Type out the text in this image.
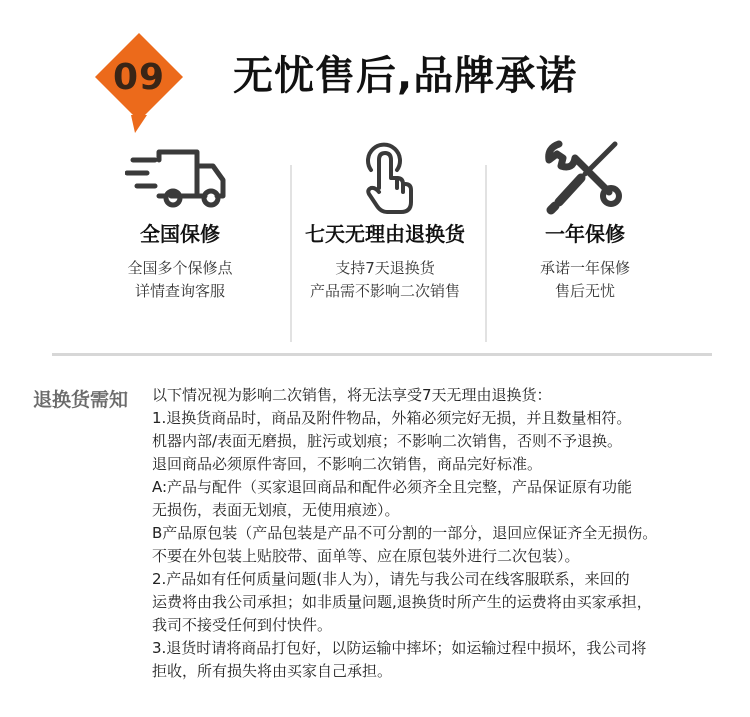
09	无忧售后,品牌承诺
全国保修
全国多个保修点
详情查询客服
七天无理由退换货
支持7天退换货
产品需不影响二次销售
一年保修
承诺一年保修
售后无忧
退换货需知 以下情况视为影响二次销售，将无法享受7天无理由退换货：
1.退换货商品时，商品及附件物品，外箱必须完好无损，并且数量相符。
机器内部/表面无磨损，脏污或划痕；不影响二次销售，否则不予退换。
退回商品必须原件寄回，不影响二次销售，商品完好标准。
A:产品与配件（买家退回商品和配件必须齐全且完整，产品保证原有功能
无损伤，表面无划痕，无使用痕迹）。
B产品原包装（产品包装是产品不可分割的一部分，退回应保证齐全无损伤。
不要在外包装上贴胶带、面单等、应在原包装外进行二次包装）。
2.产品如有任何质量问题(非人为），请先与我公司在线客服联系，来回的
运费将由我公司承担；如非质量问题,退换货时所产生的运费将由买家承担，
我司不接受任何到付快件。
3.退货时请将商品打包好，以防运输中摔坏；如运输过程中损坏，我公司将
拒收，所有损失将由买家自己承担。
